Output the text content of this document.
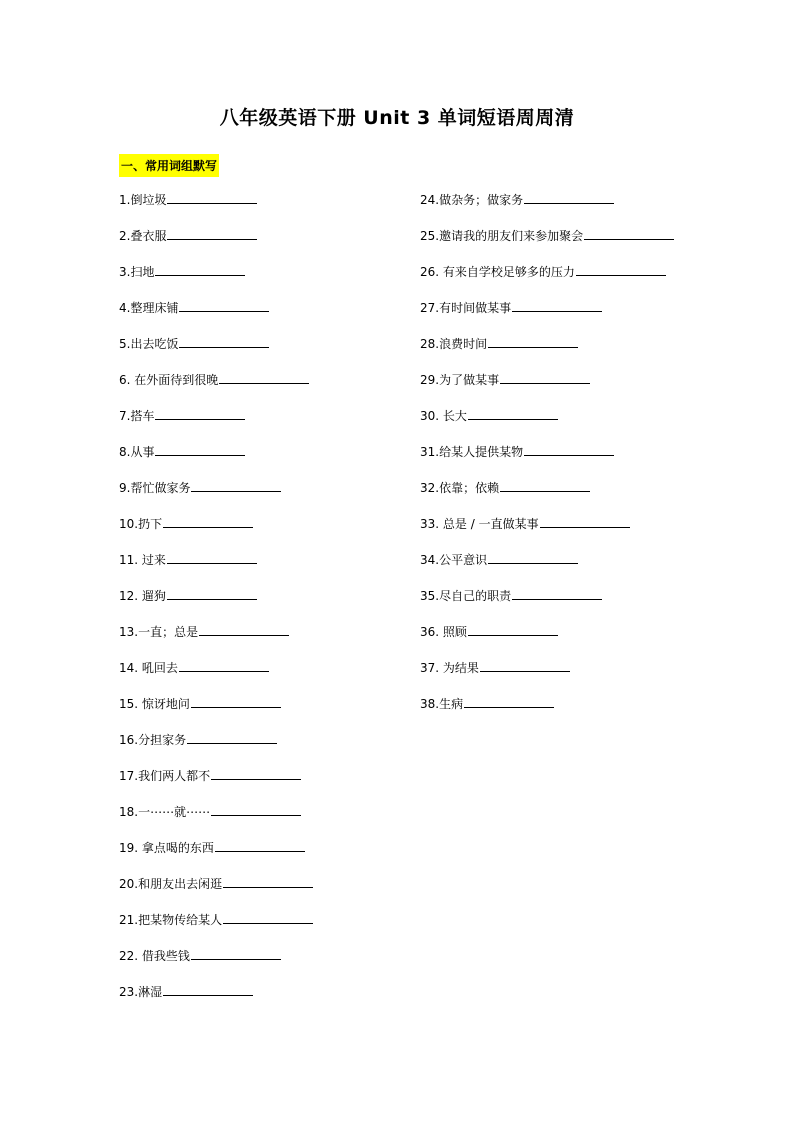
八年级英语下册 Unit 3 单词短语周周清
一、常用词组默写
1.倒垃圾
2.叠衣服
3.扫地
4.整理床铺
5.出去吃饭
6. 在外面待到很晚
7.搭车
8.从事
9.帮忙做家务
10.扔下
11. 过来
12. 遛狗
13.一直；总是
14. 吼回去
15. 惊讶地问
16.分担家务
17.我们两人都不
18.一⋯⋯就⋯⋯
19. 拿点喝的东西
20.和朋友出去闲逛
21.把某物传给某人
22. 借我些钱
23.淋湿
24.做杂务；做家务
25.邀请我的朋友们来参加聚会
26. 有来自学校足够多的压力
27.有时间做某事
28.浪费时间
29.为了做某事
30. 长大
31.给某人提供某物
32.依靠；依赖
33. 总是 / 一直做某事
34.公平意识
35.尽自己的职责
36. 照顾
37. 为结果
38.生病
